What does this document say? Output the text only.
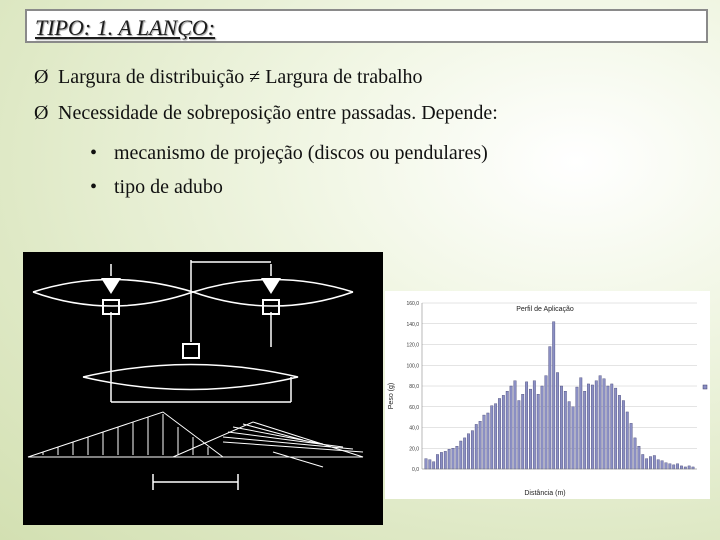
TIPO: 1. A LANÇO:
Ø Largura de distribuição ≠ Largura de trabalho
Ø Necessidade de sobreposição entre passadas. Depende:
• mecanismo de projeção (discos ou pendulares)
• tipo de adubo
Perfil de Aplicação
Distância (m)
Peso (g)
160,0
140,0
120,0
100,0
80,0
60,0
40,0
20,0
0,0
